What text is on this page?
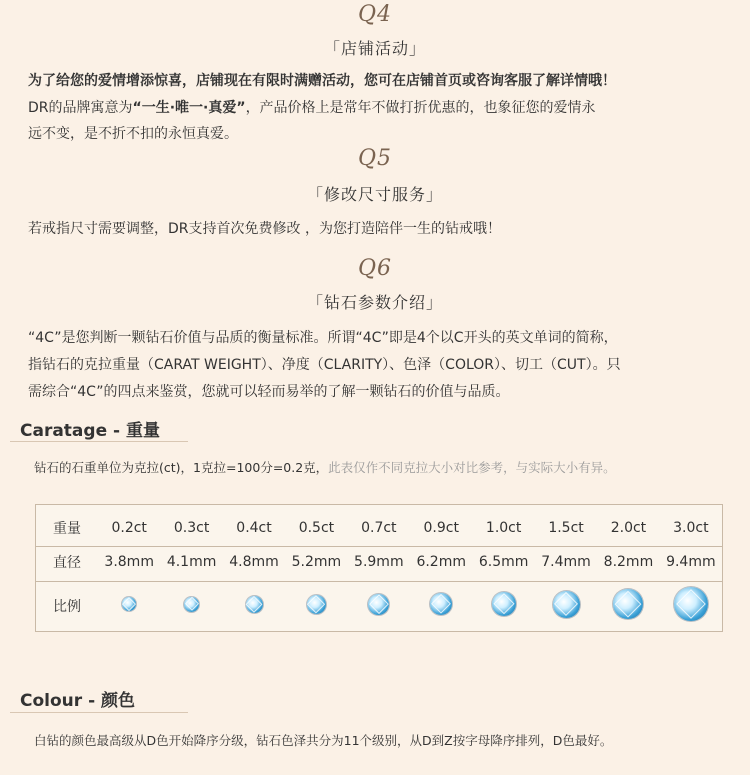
Q4
「店铺活动」
为了给您的爱情增添惊喜，店铺现在有限时满赠活动，您可在店铺首页或咨询客服了解详情哦！
DR的品牌寓意为“一生·唯一·真爱”，产品价格上是常年不做打折优惠的，也象征您的爱情永
远不变，是不折不扣的永恒真爱。
Q5
「修改尺寸服务」
若戒指尺寸需要调整，DR支持首次免费修改 ，为您打造陪伴一生的钻戒哦！
Q6
「钻石参数介绍」
“4C”是您判断一颗钻石价值与品质的衡量标准。所谓“4C”即是4个以C开头的英文单词的简称，
指钻石的克拉重量（CARAT WEIGHT）、净度（CLARITY）、色泽（COLOR）、切工（CUT）。只
需综合“4C”的四点来鉴赏，您就可以轻而易举的了解一颗钻石的价值与品质。
Caratage - 重量
钻石的石重单位为克拉(ct)，1克拉=100分=0.2克，此表仅作不同克拉大小对比参考，与实际大小有异。
重量	0.2ct	0.3ct	0.4ct	0.5ct	0.7ct	0.9ct	1.0ct	1.5ct	2.0ct	3.0ct
直径	3.8mm 4.1mm 4.8mm 5.2mm 5.9mm 6.2mm 6.5mm 7.4mm 8.2mm 9.4mm
比例
Colour - 颜色
白钻的颜色最高级从D色开始降序分级，钻石色泽共分为11个级别，从D到Z按字母降序排列，D色最好。
